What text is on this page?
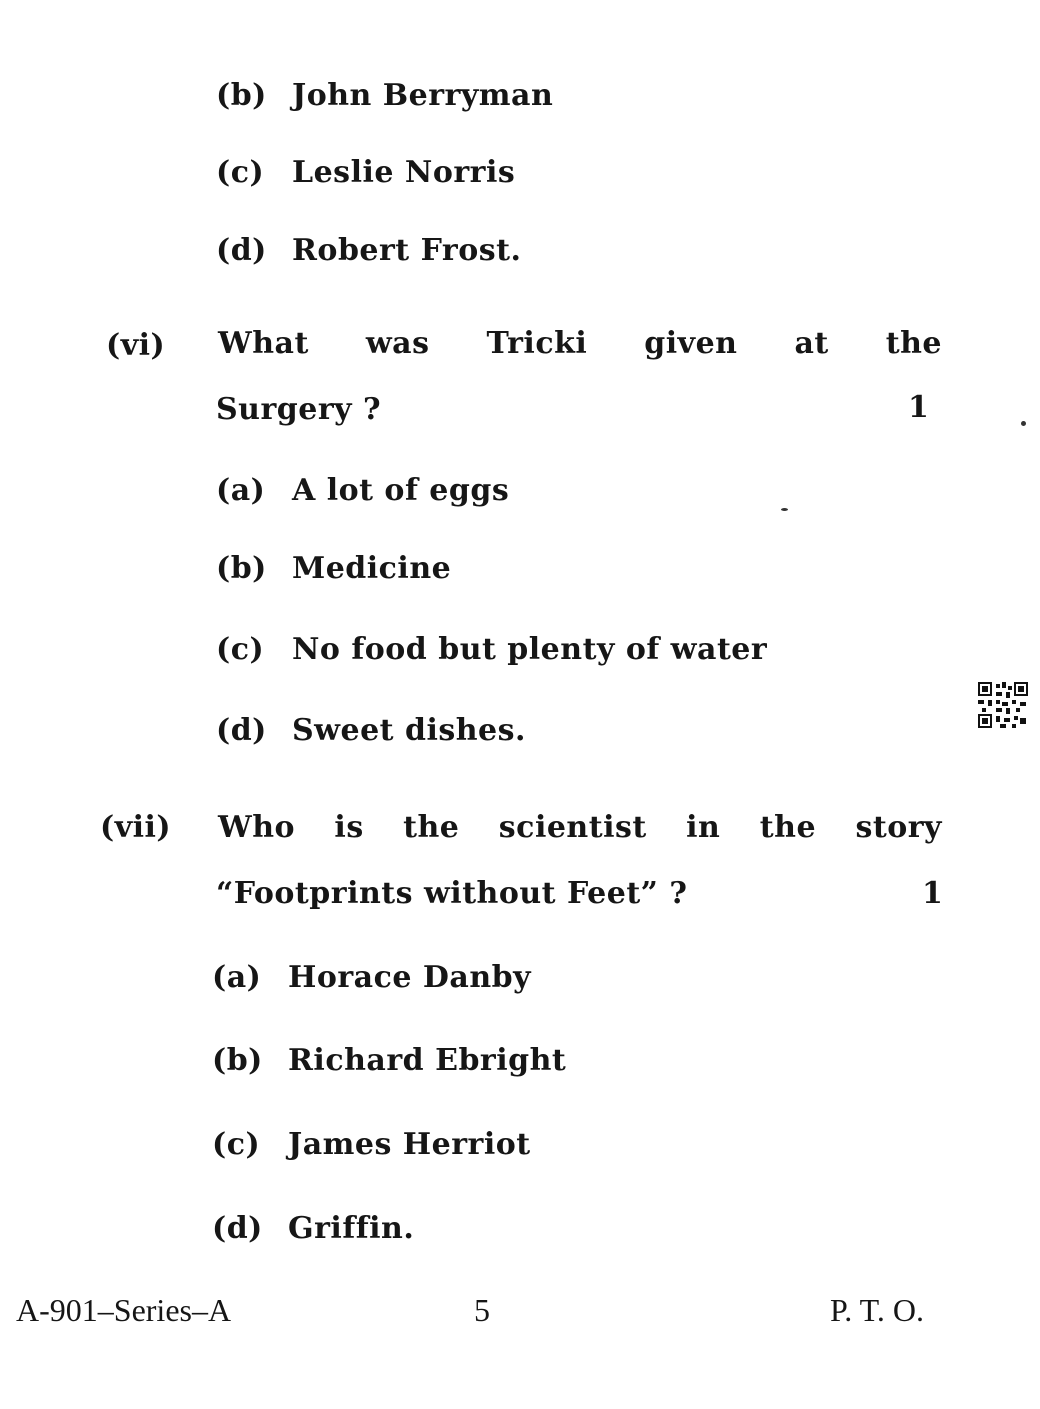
(b) John Berryman
(c) Leslie Norris
(d) Robert Frost.
(vi) What was Tricki given at the
Surgery ?	1
(a) A lot of eggs
(b) Medicine
(c) No food but plenty of water
(d) Sweet dishes.
(vii) Who is the scientist in the story
“Footprints without Feet” ?	1
(a) Horace Danby
(b) Richard Ebright
(c) James Herriot
(d) Griffin.
A-901–Series–A	5	P. T. O.
